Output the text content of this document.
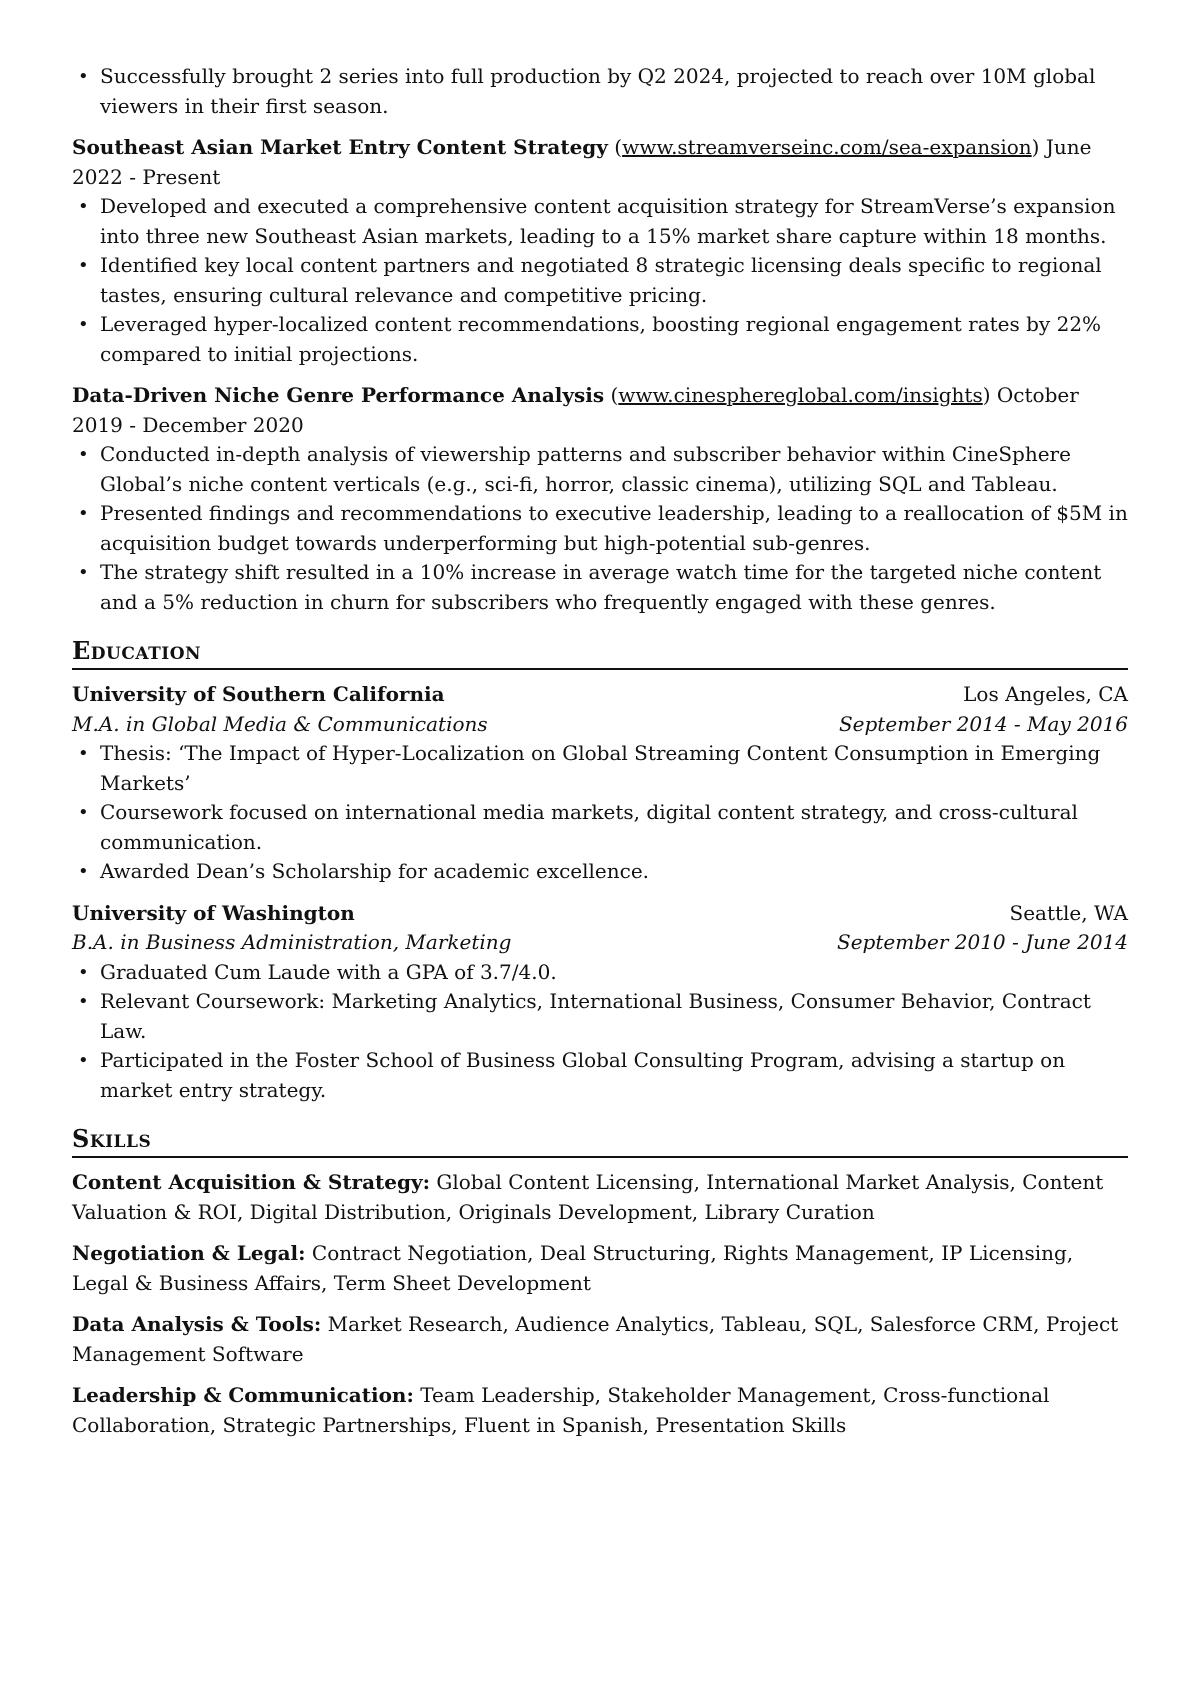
• Successfully brought 2 series into full production by Q2 2024, projected to reach over 10M global viewers in their first season.
Southeast Asian Market Entry Content Strategy (www.streamverseinc.com/sea-expansion) June 2022 - Present
• Developed and executed a comprehensive content acquisition strategy for StreamVerse’s expansion into three new Southeast Asian markets, leading to a 15% market share capture within 18 months.
• Identified key local content partners and negotiated 8 strategic licensing deals specific to regional tastes, ensuring cultural relevance and competitive pricing.
• Leveraged hyper-localized content recommendations, boosting regional engagement rates by 22% compared to initial projections.
Data-Driven Niche Genre Performance Analysis (www.cinesphereglobal.com/insights) October 2019 - December 2020
• Conducted in-depth analysis of viewership patterns and subscriber behavior within CineSphere Global’s niche content verticals (e.g., sci-fi, horror, classic cinema), utilizing SQL and Tableau.
• Presented findings and recommendations to executive leadership, leading to a reallocation of $5M in acquisition budget towards underperforming but high-potential sub-genres.
• The strategy shift resulted in a 10% increase in average watch time for the targeted niche content and a 5% reduction in churn for subscribers who frequently engaged with these genres.
Education
University of Southern California	Los Angeles, CA
M.A. in Global Media & Communications	September 2014 - May 2016
• Thesis: ‘The Impact of Hyper-Localization on Global Streaming Content Consumption in Emerging Markets’
• Coursework focused on international media markets, digital content strategy, and cross-cultural communication.
• Awarded Dean’s Scholarship for academic excellence.
University of Washington	Seattle, WA
B.A. in Business Administration, Marketing	September 2010 - June 2014
• Graduated Cum Laude with a GPA of 3.7/4.0.
• Relevant Coursework: Marketing Analytics, International Business, Consumer Behavior, Contract Law.
• Participated in the Foster School of Business Global Consulting Program, advising a startup on market entry strategy.
Skills

Content Acquisition & Strategy: Global Content Licensing, International Market Analysis, Content Valuation & ROI, Digital Distribution, Originals Development, Library Curation

Negotiation & Legal: Contract Negotiation, Deal Structuring, Rights Management, IP Licensing, Legal & Business Affairs, Term Sheet Development

Data Analysis & Tools: Market Research, Audience Analytics, Tableau, SQL, Salesforce CRM, Project Management Software

Leadership & Communication: Team Leadership, Stakeholder Management, Cross-functional Collaboration, Strategic Partnerships, Fluent in Spanish, Presentation Skills
